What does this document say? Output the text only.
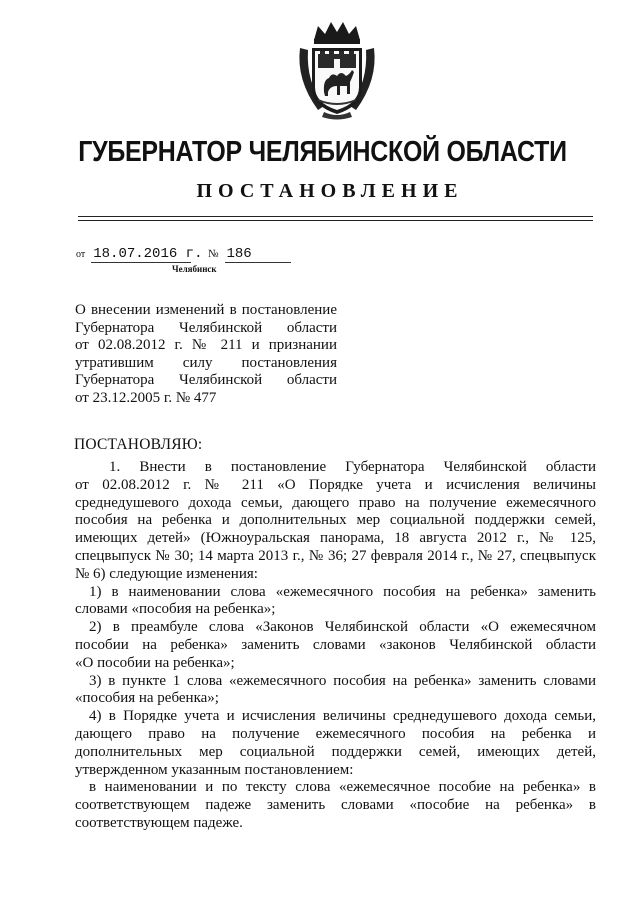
ГУБЕРНАТОР ЧЕЛЯБИНСКОЙ ОБЛАСТИ
ПОСТАНОВЛЕНИЕ
от 18.07.2016 г. № 186
Челябинск
О внесении изменений в постановление
Губернатора Челябинской области
от 02.08.2012 г. № 211 и признании
утратившим силу постановления
Губернатора Челябинской области
от 23.12.2005 г. № 477
ПОСТАНОВЛЯЮ:
1. Внести в постановление Губернатора Челябинской области
от 02.08.2012 г. № 211 «О Порядке учета и исчисления величины
среднедушевого дохода семьи, дающего право на получение ежемесячного
пособия на ребенка и дополнительных мер социальной поддержки семей,
имеющих детей» (Южноуральская панорама, 18 августа 2012 г., № 125,
спецвыпуск № 30; 14 марта 2013 г., № 36; 27 февраля 2014 г., № 27, спецвыпуск
№ 6) следующие изменения:
1) в наименовании слова «ежемесячного пособия на ребенка» заменить
словами «пособия на ребенка»;
2) в преамбуле слова «Законов Челябинской области «О ежемесячном
пособии на ребенка» заменить словами «законов Челябинской области
«О пособии на ребенка»;
3) в пункте 1 слова «ежемесячного пособия на ребенка» заменить словами
«пособия на ребенка»;
4) в Порядке учета и исчисления величины среднедушевого дохода семьи,
дающего право на получение ежемесячного пособия на ребенка и
дополнительных мер социальной поддержки семей, имеющих детей,
утвержденном указанным постановлением:
в наименовании и по тексту слова «ежемесячное пособие на ребенка» в
соответствующем падеже заменить словами «пособие на ребенка» в
соответствующем падеже.
